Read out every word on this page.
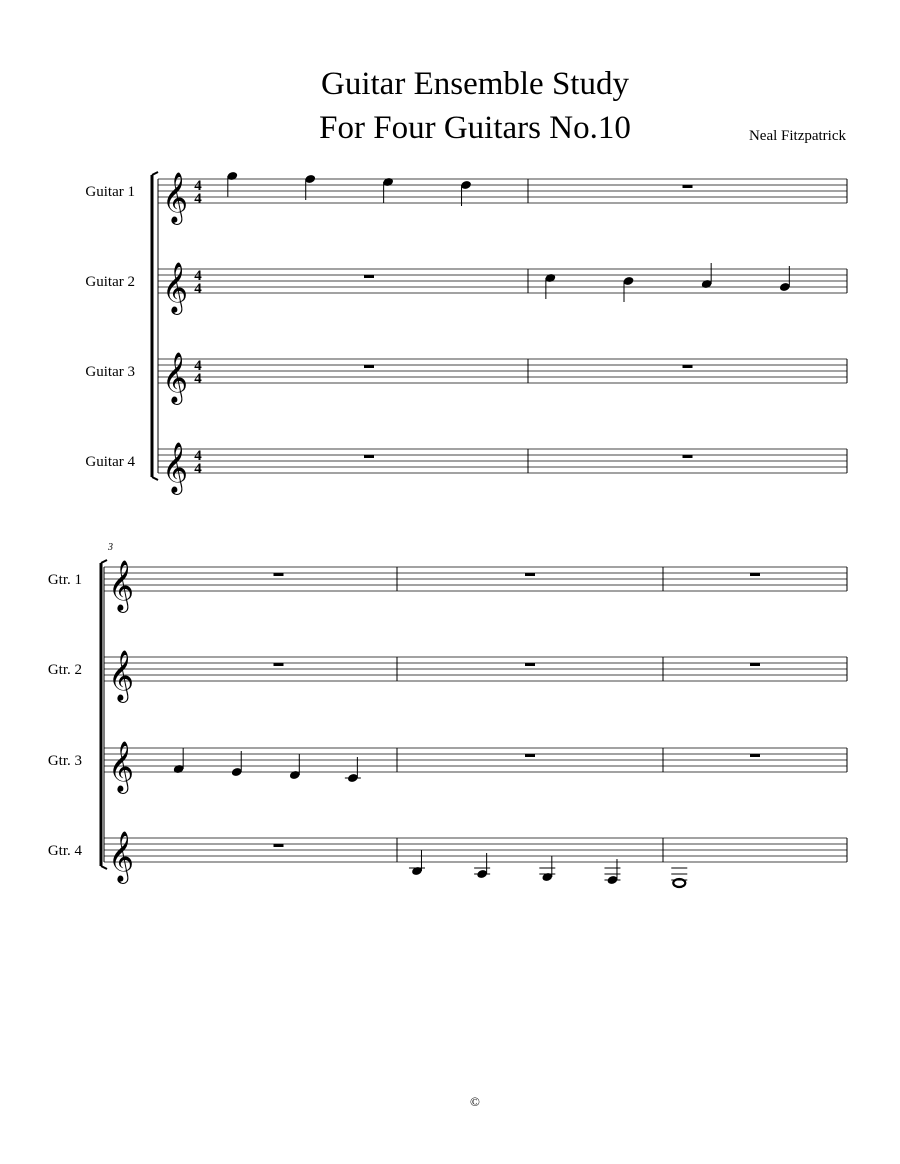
Guitar Ensemble Study
For Four Guitars No.10	Neal Fitzpatrick
Guitar 1 𝄞 4
4
Guitar 2 𝄞 4
4
Guitar 3 𝄞 4
4
Guitar 4 𝄞 4
4
3
Gtr. 1 𝄞
Gtr. 2 𝄞
Gtr. 3 𝄞
Gtr. 4 𝄞
©
